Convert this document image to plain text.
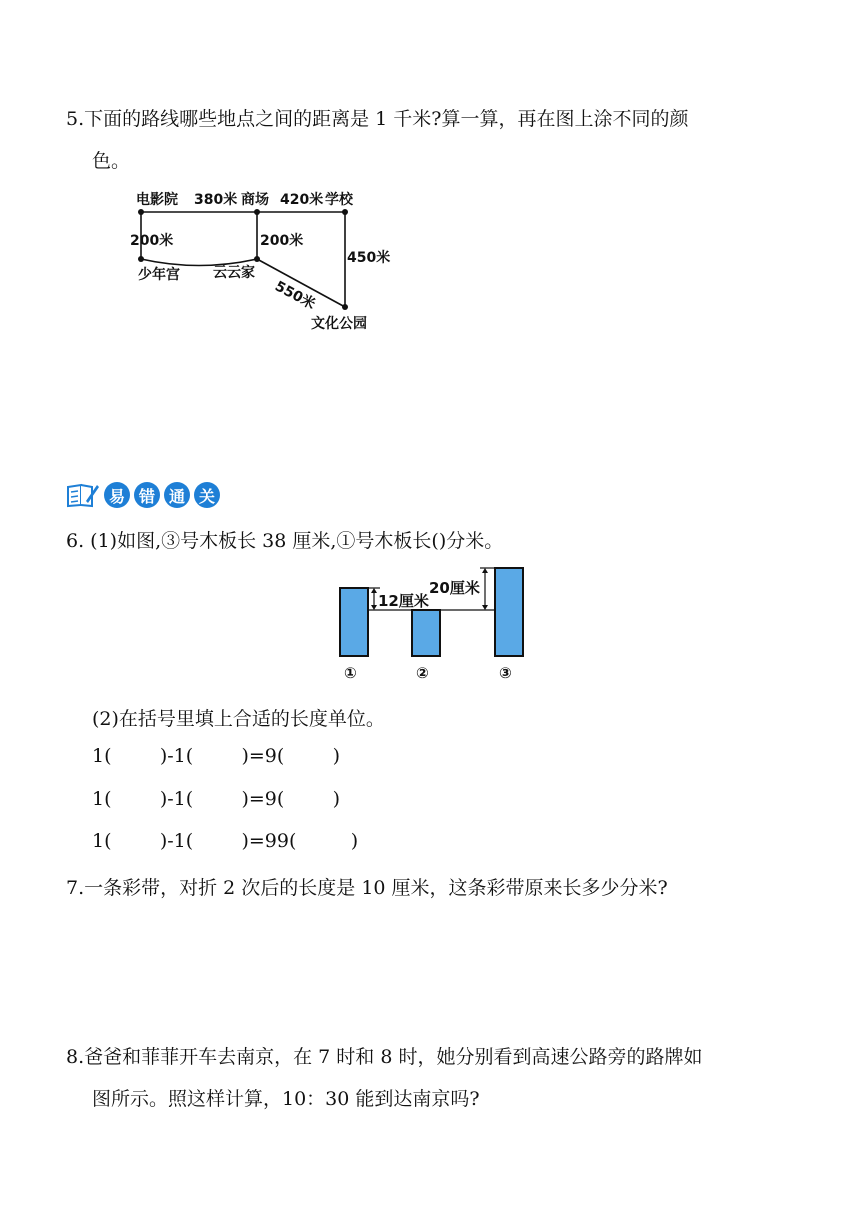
5.下面的路线哪些地点之间的距离是 1 千米?算一算，再在图上涂不同的颜
色。
电影院 380米 商场 420米 学校
200米	200米
450米
少年宫 云云家
550米
文化公园
易 错 通 关
6. (1)如图,③号木板长 38 厘米,①号木板长()分米。
12厘米
20厘米
①	②	③
(2)在括号里填上合适的长度单位。
1(        )-1(        )=9(        )
1(        )-1(        )=9(        )
1(        )-1(        )=99(         )
7.一条彩带，对折 2 次后的长度是 10 厘米，这条彩带原来长多少分米?
8.爸爸和菲菲开车去南京，在 7 时和 8 时，她分别看到高速公路旁的路牌如
图所示。照这样计算，10：30 能到达南京吗?
